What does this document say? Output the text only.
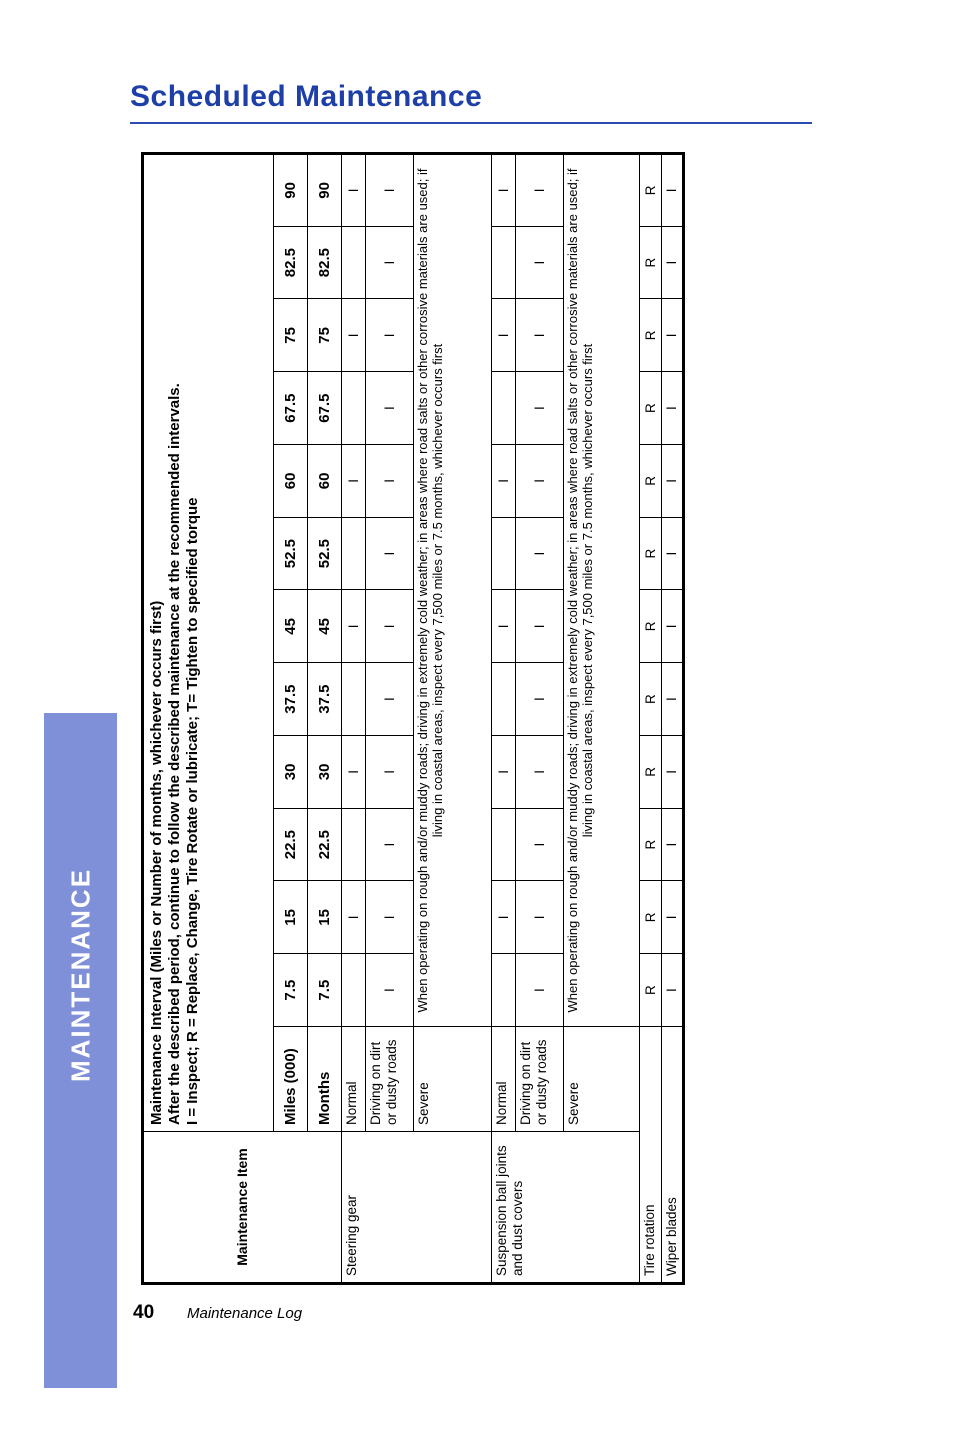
Scheduled Maintenance
MAINTENANCE
40 Maintenance Log
Maintenance Item	Maintenance Interval (Miles or Number of months, whichever occurs first) After the described period, continue to follow the described maintenance at the recommended intervals. I = Inspect; R = Replace, Change, Tire Rotate or lubricate; T= Tighten to specified torque												

	Miles (000)	7.5	15	22.5	30	37.5	45	52.5	60	67.5	75	82.5	90
	Months	7.5	15	22.5	30	37.5	45	52.5	60	67.5	75	82.5	90
Steering gear	Normal		I		I		I		I		I		I
	Driving on dirt or dusty roads	I	I	I	I	I	I	I	I	I	I	I	I
	Severe	When operating on rough and/or muddy roads; driving in extremely cold weather; in areas where road salts or other corrosive materials are used; if living in coastal areas, inspect every 7,500 miles or 7.5 months, whichever occurs first											
Suspension ball joints and dust covers	Normal		I		I		I		I		I		I
	Driving on dirt or dusty roads	I	I	I	I	I	I	I	I	I	I	I	I
	Severe	When operating on rough and/or muddy roads; driving in extremely cold weather; in areas where road salts or other corrosive materials are used; if living in coastal areas, inspect every 7,500 miles or 7.5 months, whichever occurs first											
Tire rotation		R	R	R	R	R	R	R	R	R	R	R	R
Wiper blades		I	I	I	I	I	I	I	I	I	I	I	I
